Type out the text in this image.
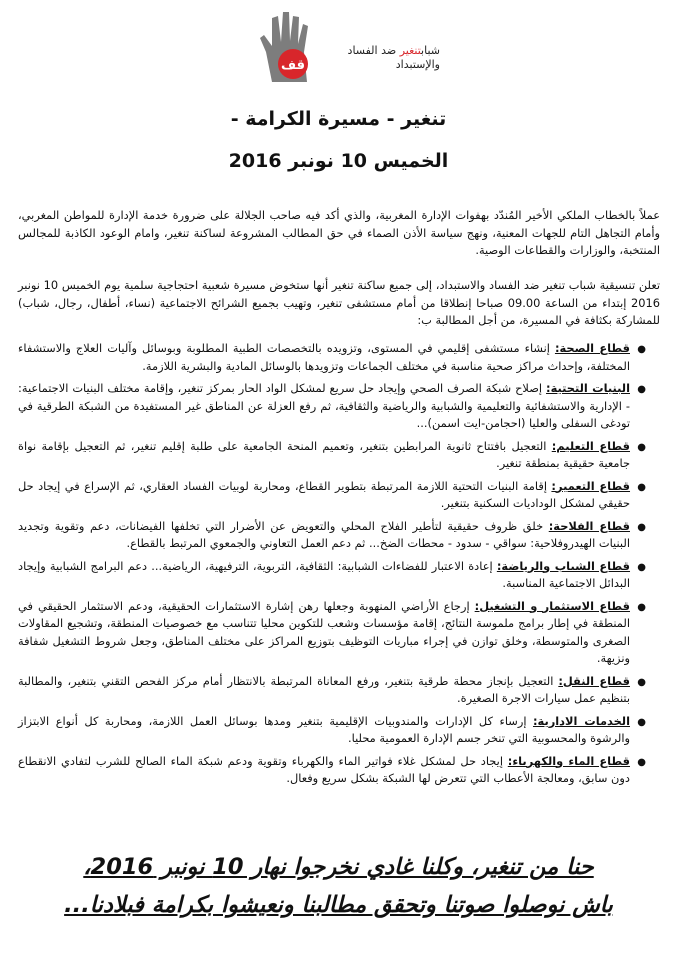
قف
شبابتنغير ضد الفساد
والإستبداد
تنغير - مسيرة الكرامة -
الخميس 10 نونبر 2016

عملاً بالخطاب الملكي الأخير المُندّد بهفوات الإدارة المغربية، والذي أكد فيه صاحب الجلالة على ضرورة خدمة الإدارة للمواطن المغربي، وأمام التجاهل التام للجهات المعنية، ونهج سياسة الأذن الصماء في حق المطالب المشروعة لساكنة تنغير، وامام الوعود الكاذبة للمجالس المنتخبة، والوزارات والقطاعات الوصية.

تعلن تنسيقية شباب تنغير ضد الفساد والاستبداد، إلى جميع ساكنة تنغير أنها ستخوض مسيرة شعبية احتجاجية سلمية يوم الخميس 10 نونبر 2016 إبتداء من الساعة 09.00 صباحا إنطلاقا من أمام مستشفى تنغير، وتهيب بجميع الشرائح الاجتماعية (نساء، أطفال، رجال، شباب) للمشاركة بكثافة في المسيرة، من أجل المطالبة ب:

●
قطاع الصحة: إنشاء مستشفى إقليمي في المستوى، وتزويده بالتخصصات الطبية المطلوبة وبوسائل وآليات العلاج والاستشفاء المختلفة، وإحداث مراكز صحية مناسبة في مختلف الجماعات وتزويدها بالوسائل المادية والبشرية اللازمة.
●
البنيات التحتية: إصلاح شبكة الصرف الصحي وإيجاد حل سريع لمشكل الواد الحار بمركز تنغير، وإقامة مختلف البنيات الاجتماعية: - الإدارية والاستشفائية والتعليمية والشبابية والرياضية والثقافية، ثم رفع العزلة عن المناطق غير المستفيدة من الشبكة الطرقية في تودغى السفلى والعليا (احجامن-ايت اسمن)...
●
قطاع التعليم: التعجيل بافتتاح ثانوية المرابطين بتنغير، وتعميم المنحة الجامعية على طلبة إقليم تنغير، ثم التعجيل بإقامة نواة جامعية حقيقية بمنطقة تنغير.
●
قطاع التعمير: إقامة البنيات التحتية اللازمة المرتبطة بتطوير القطاع، ومحاربة لوبيات الفساد العقاري، ثم الإسراع في إيجاد حل حقيقي لمشكل الوداديات السكنية بتنغير.
●
قطاع الفلاحة: خلق ظروف حقيقية لتأطير الفلاح المحلي والتعويض عن الأضرار التي تخلفها الفيضانات، دعم وتقوية وتجديد البنيات الهيدروفلاحية: سواقي - سدود - محطات الضخ... ثم دعم العمل التعاوني والجمعوي المرتبط بالقطاع.
●
قطاع الشباب والرياضة: إعادة الاعتبار للفضاءات الشبابية: الثقافية، التربوية، الترفيهية، الرياضية... دعم البرامج الشبابية وإيجاد البدائل الاجتماعية المناسبة.
●
قطاع الاستثمار و التشغيل: إرجاع الأراضي المنهوبة وجعلها رهن إشارة الاستثمارات الحقيقية، ودعم الاستثمار الحقيقي في المنطقة في إطار برامج ملموسة النتائج، إقامة مؤسسات وشعب للتكوين محليا تتناسب مع خصوصيات المنطقة، وتشجيع المقاولات الصغرى والمتوسطة، وخلق توازن في إجراء مباريات التوظيف بتوزيع المراكز على مختلف المناطق، وجعل شروط التشغيل شفافة ونزيهة.
●
قطاع النقل: التعجيل بإنجاز محطة طرقية بتنغير، ورفع المعاناة المرتبطة بالانتظار أمام مركز الفحص التقني بتنغير، والمطالبة بتنظيم عمل سيارات الاجرة الصغيرة.
●
الخدمات الادارية: إرساء كل الإدارات والمندوبيات الإقليمية بتنغير ومدها بوسائل العمل اللازمة، ومحاربة كل أنواع الابتزاز والرشوة والمحسوبية التي تنخر جسم الإدارة العمومية محليا.
●
قطاع الماء والكهرباء: إيجاد حل لمشكل غلاء فواتير الماء والكهرباء وتقوية ودعم شبكة الماء الصالح للشرب لتفادي الانقطاع دون سابق، ومعالجة الأعطاب التي تتعرض لها الشبكة بشكل سريع وفعال.
حنا من تنغير، وكلنا غادي نخرجوا نهار 10 نونبر 2016،
باش نوصلوا صوتنا وتحقق مطالبنا ونعيشوا بكرامة فبلادنا...
